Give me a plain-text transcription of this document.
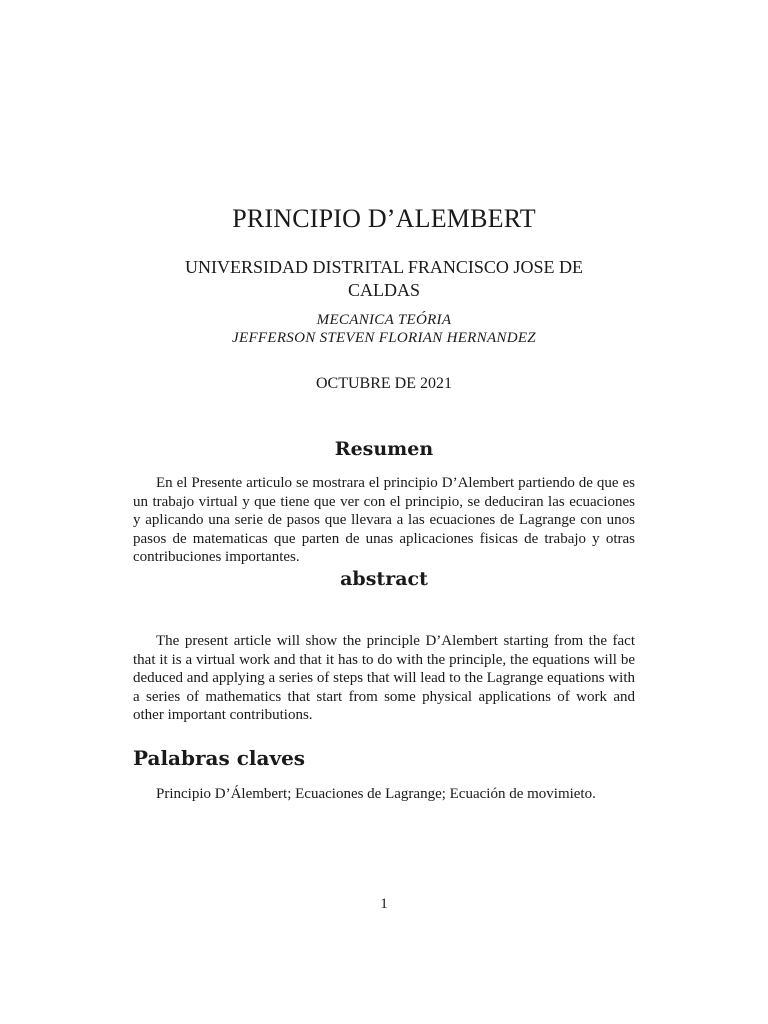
PRINCIPIO D’ALEMBERT
UNIVERSIDAD DISTRITAL FRANCISCO JOSE DE CALDAS
MECANICA TEÓRIA
JEFFERSON STEVEN FLORIAN HERNANDEZ
OCTUBRE DE 2021
Resumen
En el Presente articulo se mostrara el principio D’Alembert partiendo de que es un trabajo virtual y que tiene que ver con el principio, se deduciran las ecuaciones y aplicando una serie de pasos que llevara a las ecuaciones de Lagrange con unos pasos de matematicas que parten de unas aplicaciones fisicas de trabajo y otras contribuciones importantes.
abstract
The present article will show the principle D’Alembert starting from the fact that it is a virtual work and that it has to do with the principle, the equations will be deduced and applying a series of steps that will lead to the Lagrange equations with a series of mathematics that start from some physical applications of work and other important contributions.
Palabras claves
Principio D’Álembert; Ecuaciones de Lagrange; Ecuación de movimieto.
1
